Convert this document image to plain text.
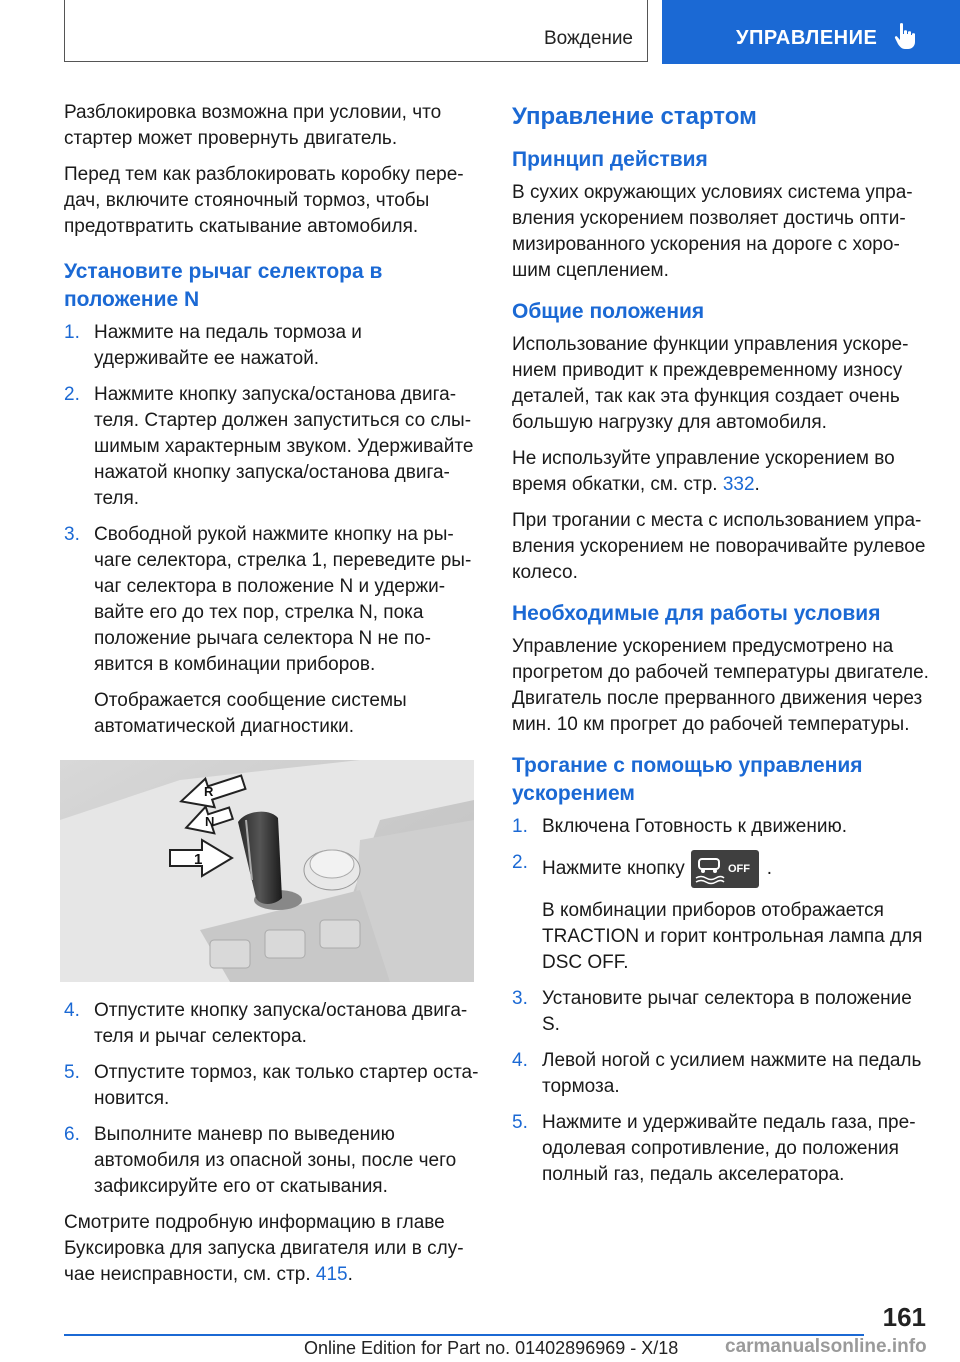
Вождение	УПРАВЛЕНИЕ

Разблокировка возможна при условии, что стартер может провернуть двигатель.

Перед тем как разблокировать коробку передач, включите стояночный тормоз, чтобы предотвратить скатывание автомобиля.

Установите рычаг селектора в положение N
1. Нажмите на педаль тормоза и удерживайте ее нажатой.
2. Нажмите кнопку запуска/останова двигателя. Стартер должен запуститься со слышимым характерным звуком. Удерживайте нажатой кнопку запуска/останова двигателя.
3. Свободной рукой нажмите кнопку на рычаге селектора, стрелка 1, переведите рычаг селектора в положение N и удерживайте его до тех пор, стрелка N, пока положение рычага селектора N не появится в комбинации приборов.
Отображается сообщение системы автоматической диагностики.
R
N
1
4. Отпустите кнопку запуска/останова двигателя и рычаг селектора.
5. Отпустите тормоз, как только стартер остановится.
6. Выполните маневр по выведению автомобиля из опасной зоны, после чего зафиксируйте его от скатывания.

Смотрите подробную информацию в главе Буксировка для запуска двигателя или в случае неисправности, см. стр. 415.

Управление стартом
Принцип действия

В сухих окружающих условиях система управления ускорением позволяет достичь оптимизированного ускорения на дороге с хорошим сцеплением.

Общие положения

Использование функции управления ускорением приводит к преждевременному износу деталей, так как эта функция создает очень большую нагрузку для автомобиля.

Не используйте управление ускорением во время обкатки, см. стр. 332.

При трогании с места с использованием управления ускорением не поворачивайте рулевое колесо.

Необходимые для работы условия

Управление ускорением предусмотрено на прогретом до рабочей температуры двигателе. Двигатель после прерванного движения через мин. 10 км прогрет до рабочей температуры.

Трогание с помощью управления ускорением
1. Включена Готовность к движению.
2. Нажмите кнопку	OFF .
В комбинации приборов отображается TRACTION и горит контрольная лампа для DSC OFF.
3. Установите рычаг селектора в положение S.
4. Левой ногой с усилием нажмите на педаль тормоза.
5. Нажмите и удерживайте педаль газа, преодолевая сопротивление, до положения полный газ, педаль акселератора.
161
Online Edition for Part no. 01402896969 - X/18 carmanualsonline.info
